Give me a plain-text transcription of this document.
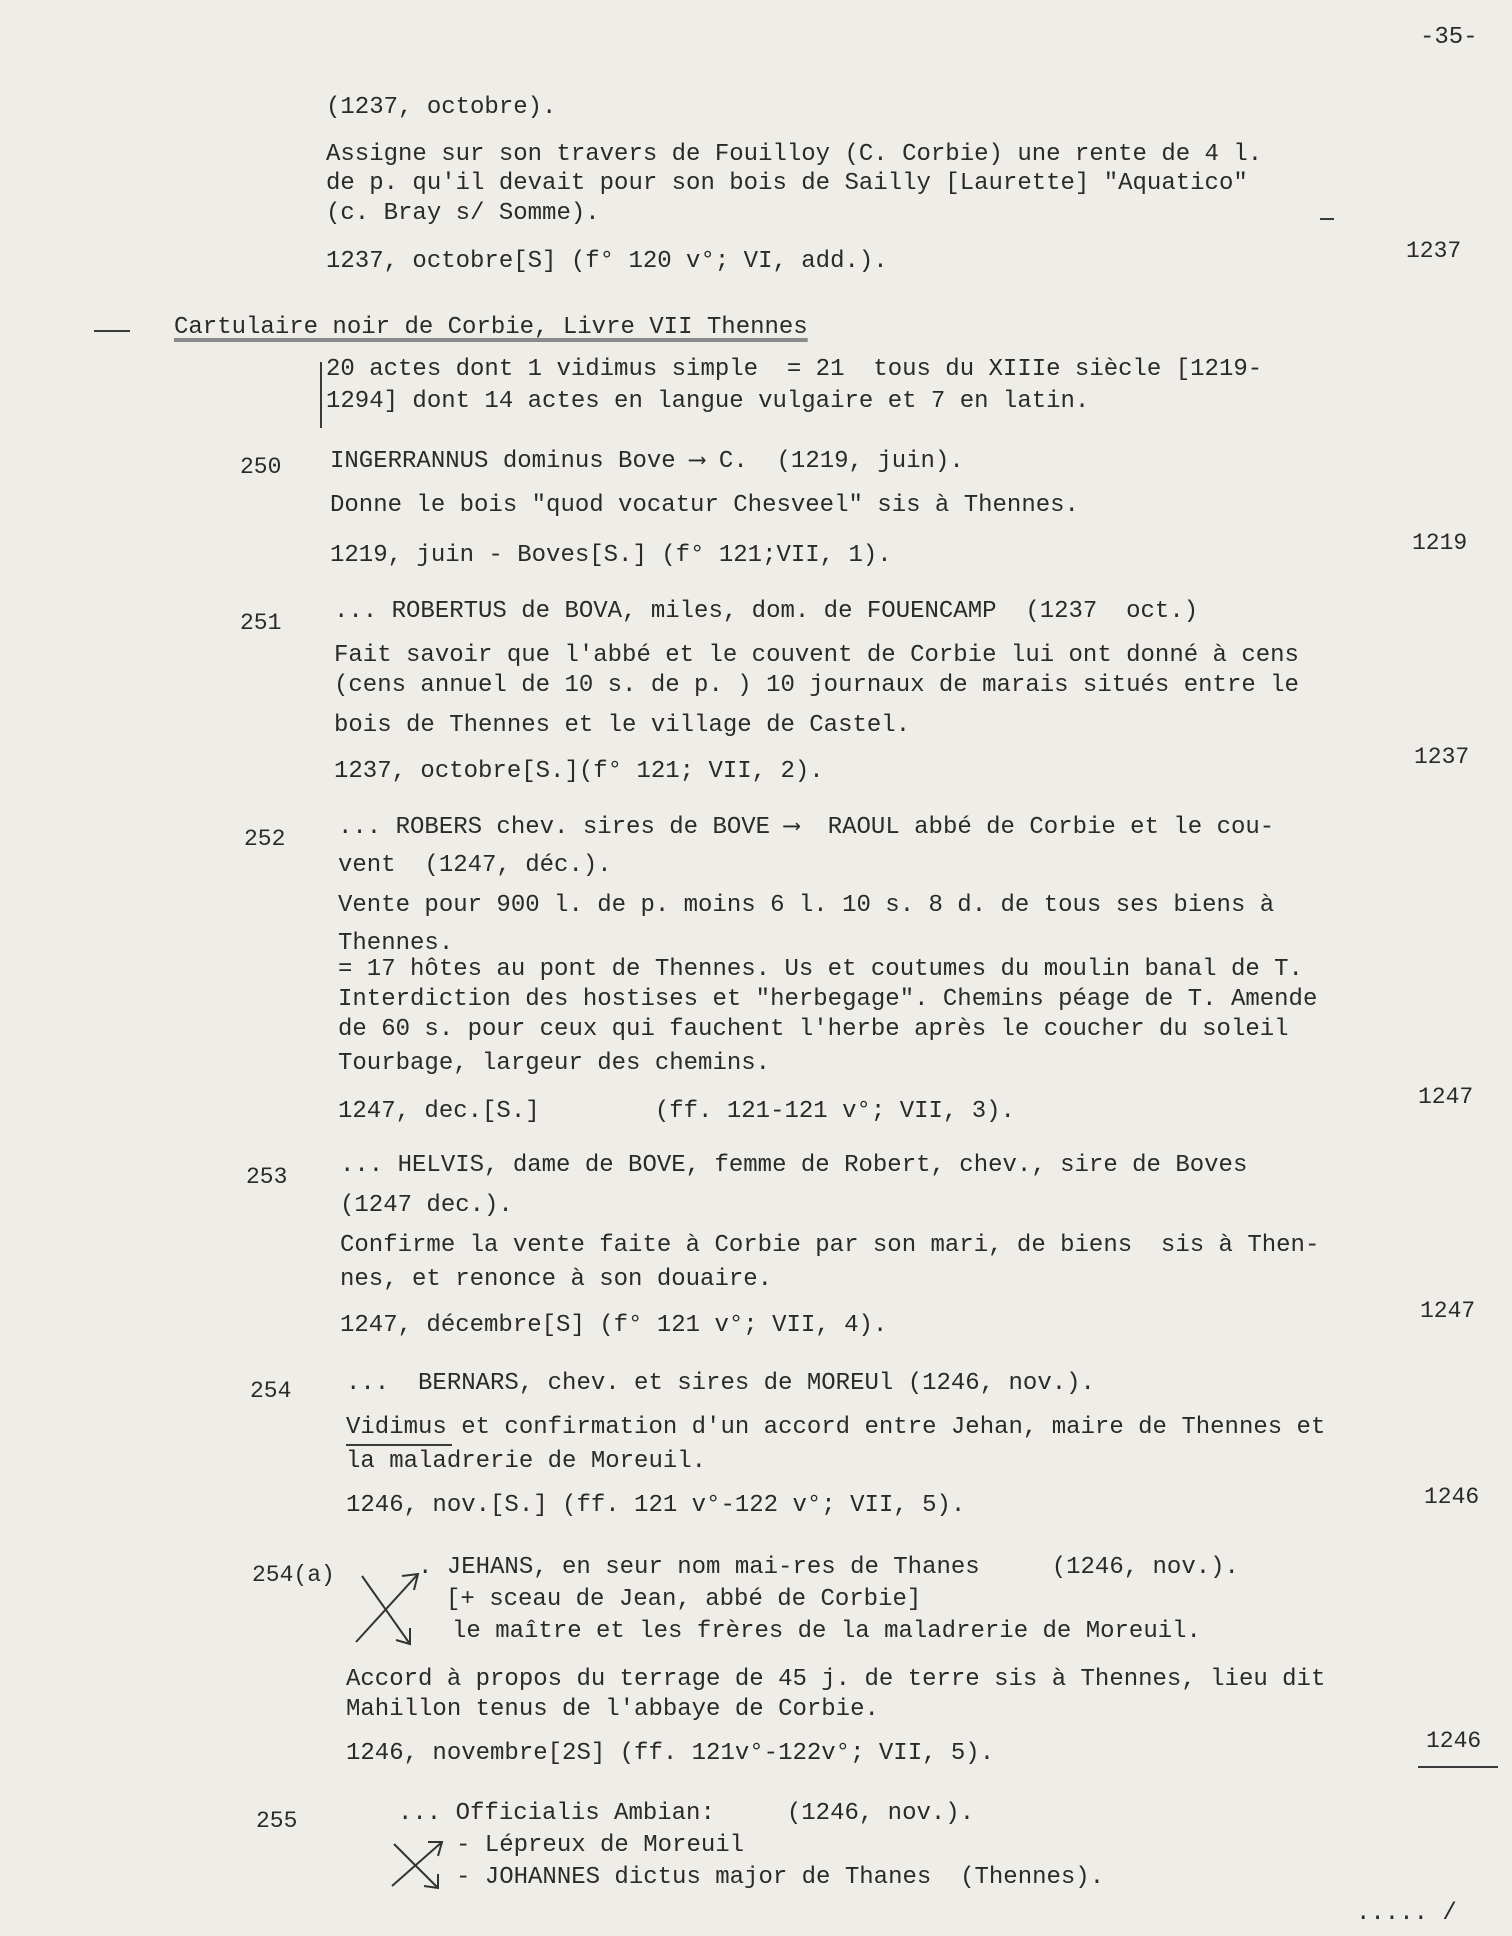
-35-
(1237, octobre).
Assigne sur son travers de Fouilloy (C. Corbie) une rente de 4 l.
de p. qu'il devait pour son bois de Sailly [Laurette] "Aquatico"
(c. Bray s/ Somme).
1237, octobre[S] (f° 120 v°; VI, add.).	1237
Cartulaire noir de Corbie, Livre VII Thennes
20 actes dont 1 vidimus simple  = 21  tous du XIIIe siècle [1219-
1294] dont 14 actes en langue vulgaire et 7 en latin.
250 INGERRANNUS dominus Bove ⟶ C.  (1219, juin).
Donne le bois "quod vocatur Chesveel" sis à Thennes.
1219, juin - Boves[S.] (f° 121;VII, 1).	1219
251 ... ROBERTUS de BOVA, miles, dom. de FOUENCAMP  (1237  oct.)
Fait savoir que l'abbé et le couvent de Corbie lui ont donné à cens
(cens annuel de 10 s. de p. ) 10 journaux de marais situés entre le
bois de Thennes et le village de Castel.
1237, octobre[S.](f° 121; VII, 2).
1237
252 ... ROBERS chev. sires de BOVE ⟶  RAOUL abbé de Corbie et le cou-
vent  (1247, déc.).
Vente pour 900 l. de p. moins 6 l. 10 s. 8 d. de tous ses biens à
Thennes.
= 17 hôtes au pont de Thennes. Us et coutumes du moulin banal de T.
Interdiction des hostises et "herbegage". Chemins péage de T. Amende
de 60 s. pour ceux qui fauchent l'herbe après le coucher du soleil
Tourbage, largeur des chemins.
1247, dec.[S.]        (ff. 121-121 v°; VII, 3).
1247
253 ... HELVIS, dame de BOVE, femme de Robert, chev., sire de Boves
(1247 dec.).
Confirme la vente faite à Corbie par son mari, de biens  sis à Then-
nes, et renonce à son douaire.
1247, décembre[S] (f° 121 v°; VII, 4).
1247
254 ...  BERNARS, chev. et sires de MOREUl (1246, nov.).
Vidimus et confirmation d'un accord entre Jehan, maire de Thennes et
la maladrerie de Moreuil.
1246, nov.[S.] (ff. 121 v°-122 v°; VII, 5).	1246
254(a)	. JEHANS, en seur nom mai-res de Thanes     (1246, nov.).
[+ sceau de Jean, abbé de Corbie]
le maître et les frères de la maladrerie de Moreuil.
Accord à propos du terrage de 45 j. de terre sis à Thennes, lieu dit
Mahillon tenus de l'abbaye de Corbie.
1246, novembre[2S] (ff. 121v°-122v°; VII, 5).	1246
255	... Officialis Ambian:     (1246, nov.).
- Lépreux de Moreuil
- JOHANNES dictus major de Thanes  (Thennes).
..... /
